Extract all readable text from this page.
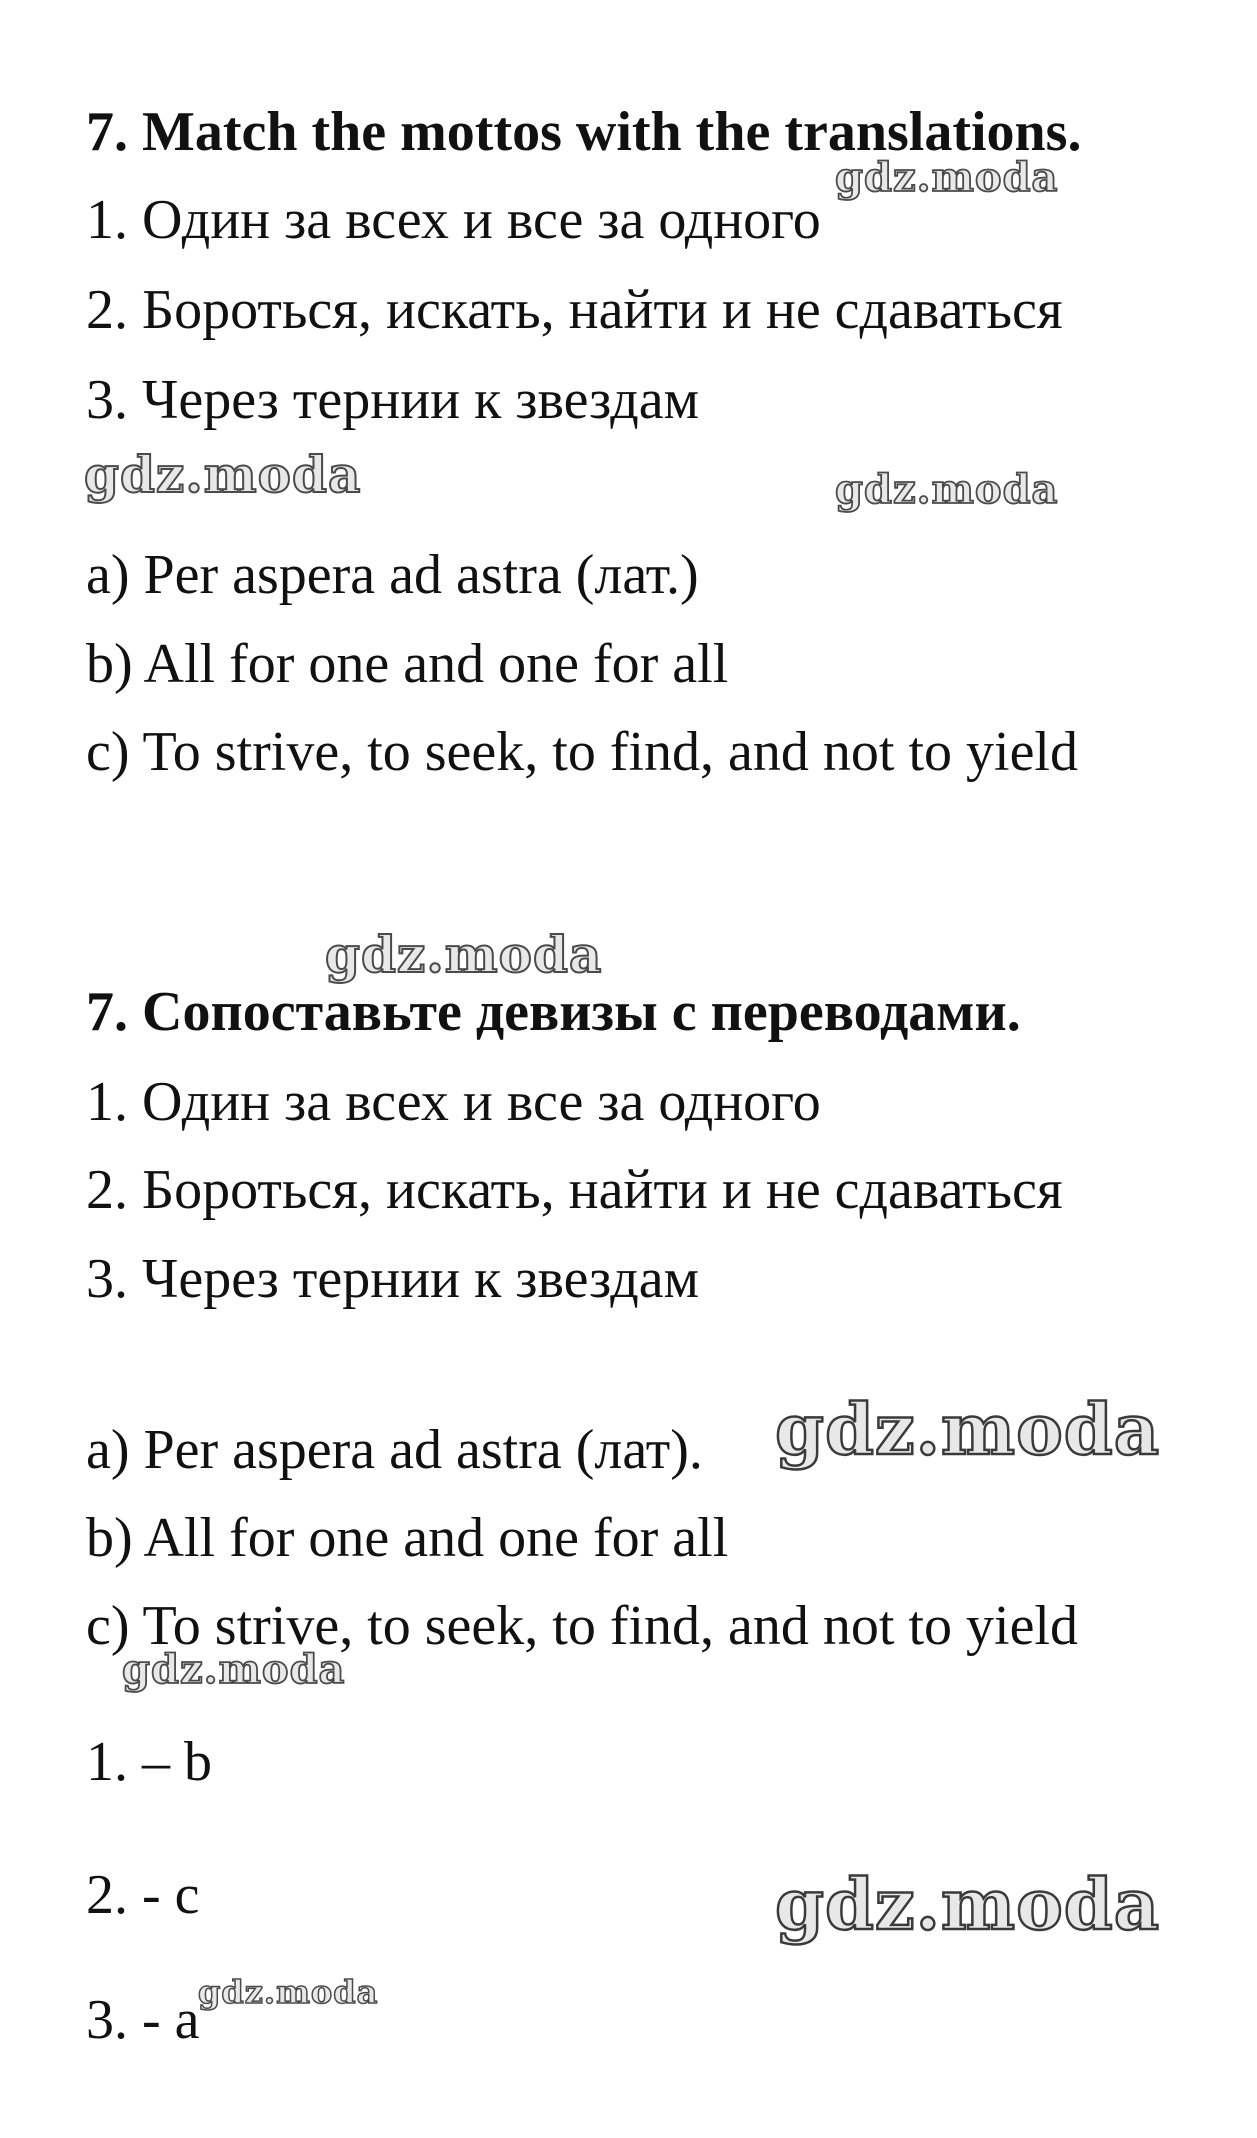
7. Match the mottos with the translations.
1. Один за всех и все за одного
2. Бороться, искать, найти и не сдаваться
3. Через тернии к звездам
a) Per aspera ad astra (лат.)
b) All for one and one for all
c) To strive, to seek, to find, and not to yield
7. Сопоставьте девизы с переводами.
1. Один за всех и все за одного
2. Бороться, искать, найти и не сдаваться
3. Через тернии к звездам
a) Per aspera ad astra (лат).
b) All for one and one for all
c) To strive, to seek, to find, and not to yield
1. – b
2. - c
3. - a
gdz.moda
gdz.moda	gdz.moda
gdz.moda
gdz.moda
gdz.moda
gdz.moda
gdz.moda
